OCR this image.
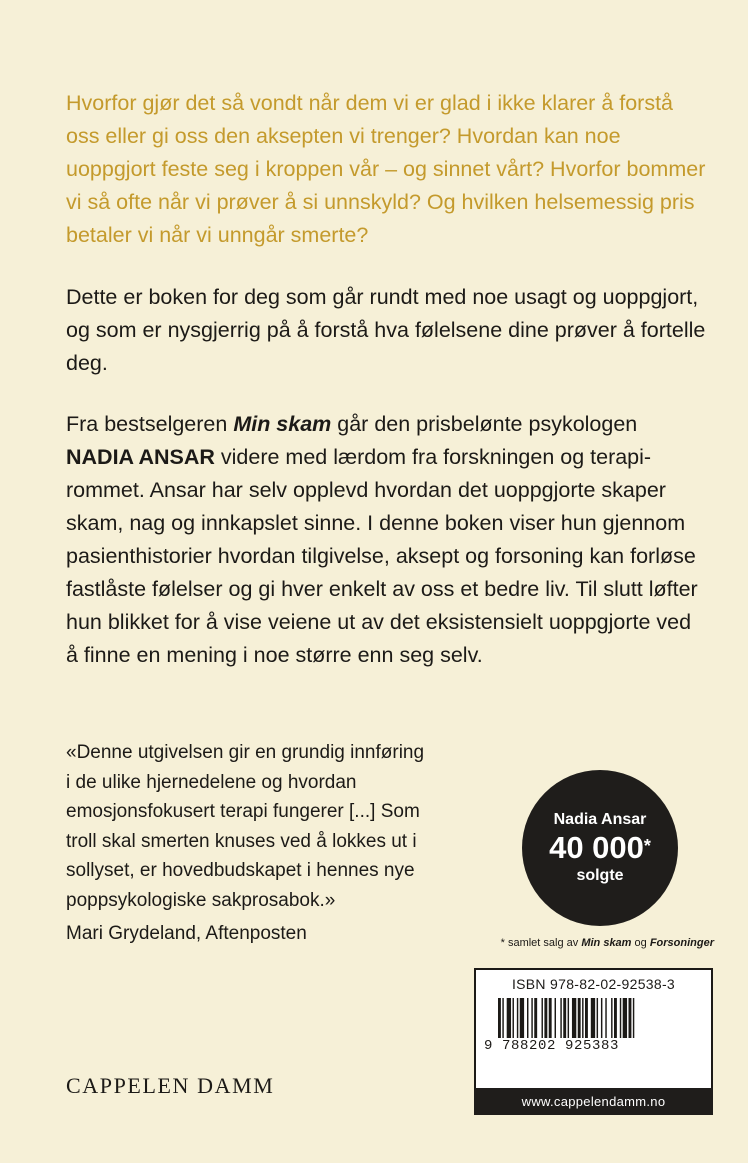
Hvorfor gjør det så vondt når dem vi er glad i ikke klarer å forstå oss eller gi oss den aksepten vi trenger? Hvordan kan noe uoppgjort feste seg i kroppen vår – og sinnet vårt? Hvorfor bommer vi så ofte når vi prøver å si unnskyld? Og hvilken helsemessig pris betaler vi når vi unngår smerte?

Dette er boken for deg som går rundt med noe usagt og uoppgjort, og som er nysgjerrig på å forstå hva følelsene dine prøver å fortelle deg.

Fra bestselgeren Min skam går den prisbelønte psykologen NADIA ANSAR videre med lærdom fra forskningen og terapirommet. Ansar har selv opplevd hvordan det uoppgjorte skaper skam, nag og innkapslet sinne. I denne boken viser hun gjennom pasienthistorier hvordan tilgivelse, aksept og forsoning kan forløse fastlåste følelser og gi hver enkelt av oss et bedre liv. Til slutt løfter hun blikket for å vise veiene ut av det eksistensielt uoppgjorte ved å finne en mening i noe større enn seg selv.

«Denne utgivelsen gir en grundig innføring i de ulike hjernedelene og hvordan emosjonsfokusert terapi fungerer [...] Som troll skal smerten knuses ved å lokkes ut i sollyset, er hovedbudskapet i hennes nye poppsykologiske sakprosabok.»

Mari Grydeland, Aftenposten

Nadia Ansar
40 000*
solgte
* samlet salg av Min skam og Forsoninger
ISBN 978-82-02-92538-3
9 788202 925383
www.cappelendamm.no
CAPPELEN DAMM
